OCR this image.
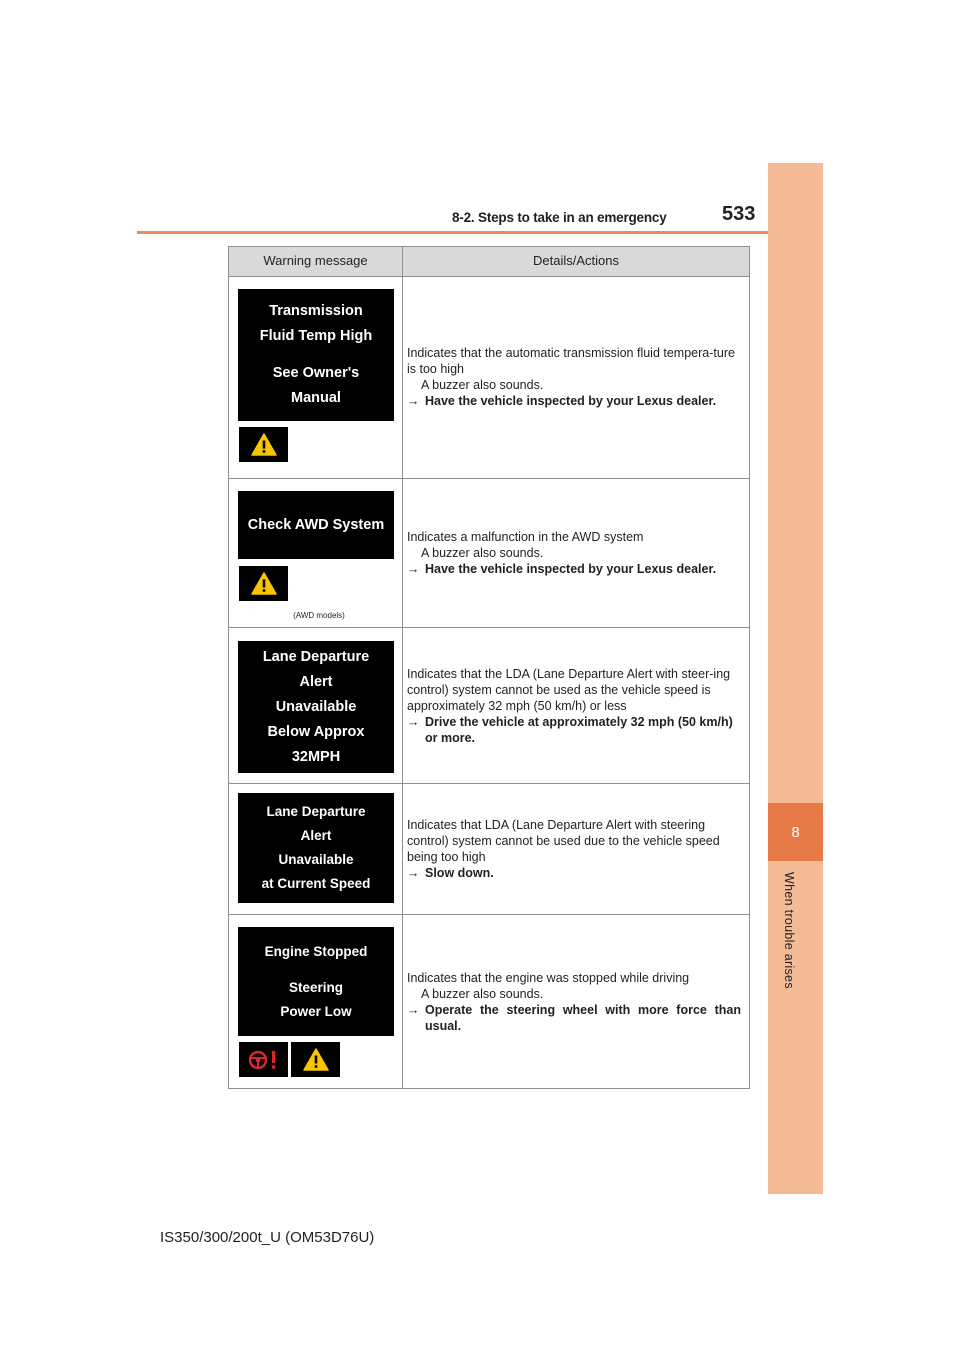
8-2. Steps to take in an emergency	533
8
When trouble arises
Warning message	Details/Actions
Transmission
Fluid Temp High
See Owner's
Manual
Indicates that the automatic transmission fluid tempera-ture is too high
A buzzer also sounds.
→ Have the vehicle inspected by your Lexus dealer.
Check AWD System
(AWD models)
Indicates a malfunction in the AWD system
A buzzer also sounds.
→ Have the vehicle inspected by your Lexus dealer.
Lane Departure
Alert
Unavailable
Below Approx
32MPH
Indicates that the LDA (Lane Departure Alert with steer-ing control) system cannot be used as the vehicle speed is approximately 32 mph (50 km/h) or less
→ Drive the vehicle at approximately 32 mph (50 km/h) or more.
Lane Departure
Alert
Unavailable
at Current Speed
Indicates that LDA (Lane Departure Alert with steering control) system cannot be used due to the vehicle speed being too high
→ Slow down.
Engine Stopped
Steering
Power Low
Indicates that the engine was stopped while driving
A buzzer also sounds.
→ Operate the steering wheel with more force than usual.
IS350/300/200t_U (OM53D76U)
